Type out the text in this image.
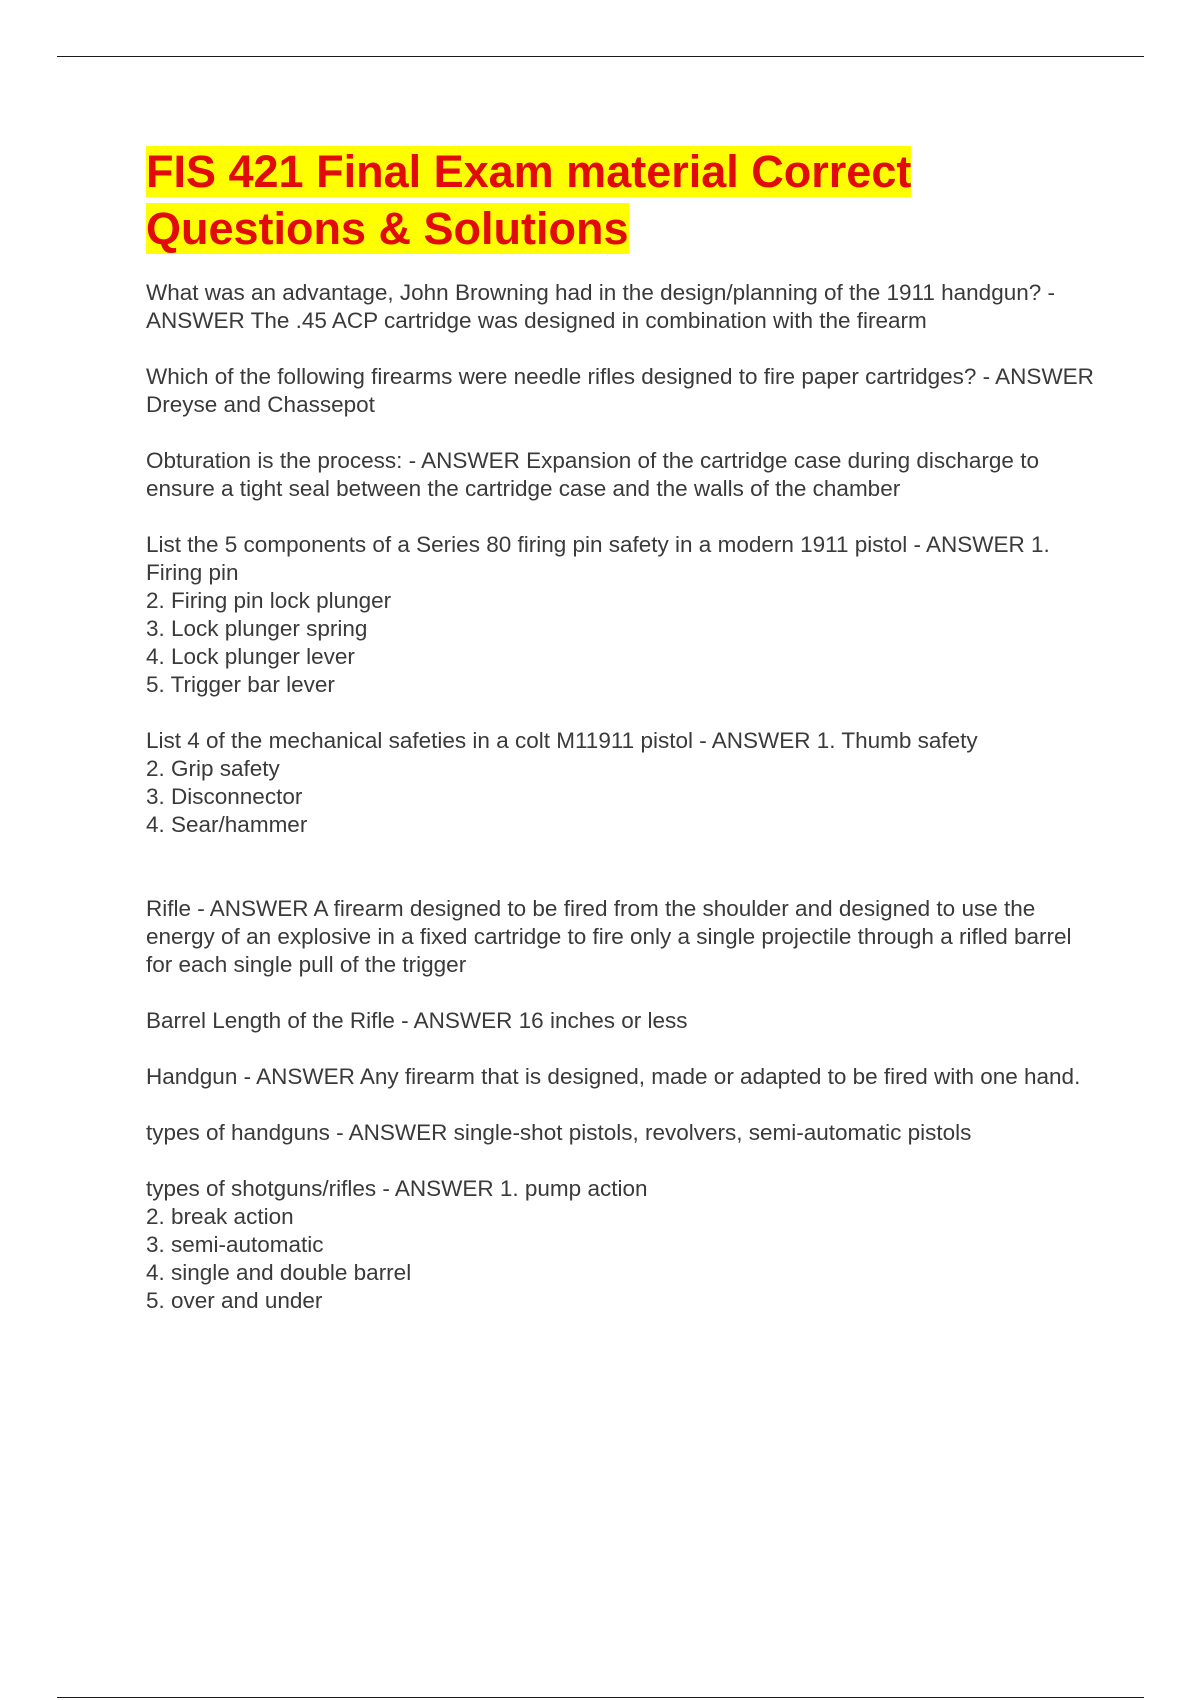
FIS 421 Final Exam material Correct
Questions & Solutions
What was an advantage, John Browning had in the design/planning of the 1911 handgun? - ANSWER The .45 ACP cartridge was designed in combination with the firearm
Which of the following firearms were needle rifles designed to fire paper cartridges? - ANSWER Dreyse and Chassepot
Obturation is the process: - ANSWER Expansion of the cartridge case during discharge to ensure a tight seal between the cartridge case and the walls of the chamber
List the 5 components of a Series 80 firing pin safety in a modern 1911 pistol - ANSWER 1. Firing pin
2. Firing pin lock plunger
3. Lock plunger spring
4. Lock plunger lever
5. Trigger bar lever
List 4 of the mechanical safeties in a colt M11911 pistol - ANSWER 1. Thumb safety
2. Grip safety
3. Disconnector
4. Sear/hammer
Rifle - ANSWER A firearm designed to be fired from the shoulder and designed to use the energy of an explosive in a fixed cartridge to fire only a single projectile through a rifled barrel for each single pull of the trigger
Barrel Length of the Rifle - ANSWER 16 inches or less
Handgun - ANSWER Any firearm that is designed, made or adapted to be fired with one hand.
types of handguns - ANSWER single-shot pistols, revolvers, semi-automatic pistols
types of shotguns/rifles - ANSWER 1. pump action
2. break action
3. semi-automatic
4. single and double barrel
5. over and under
